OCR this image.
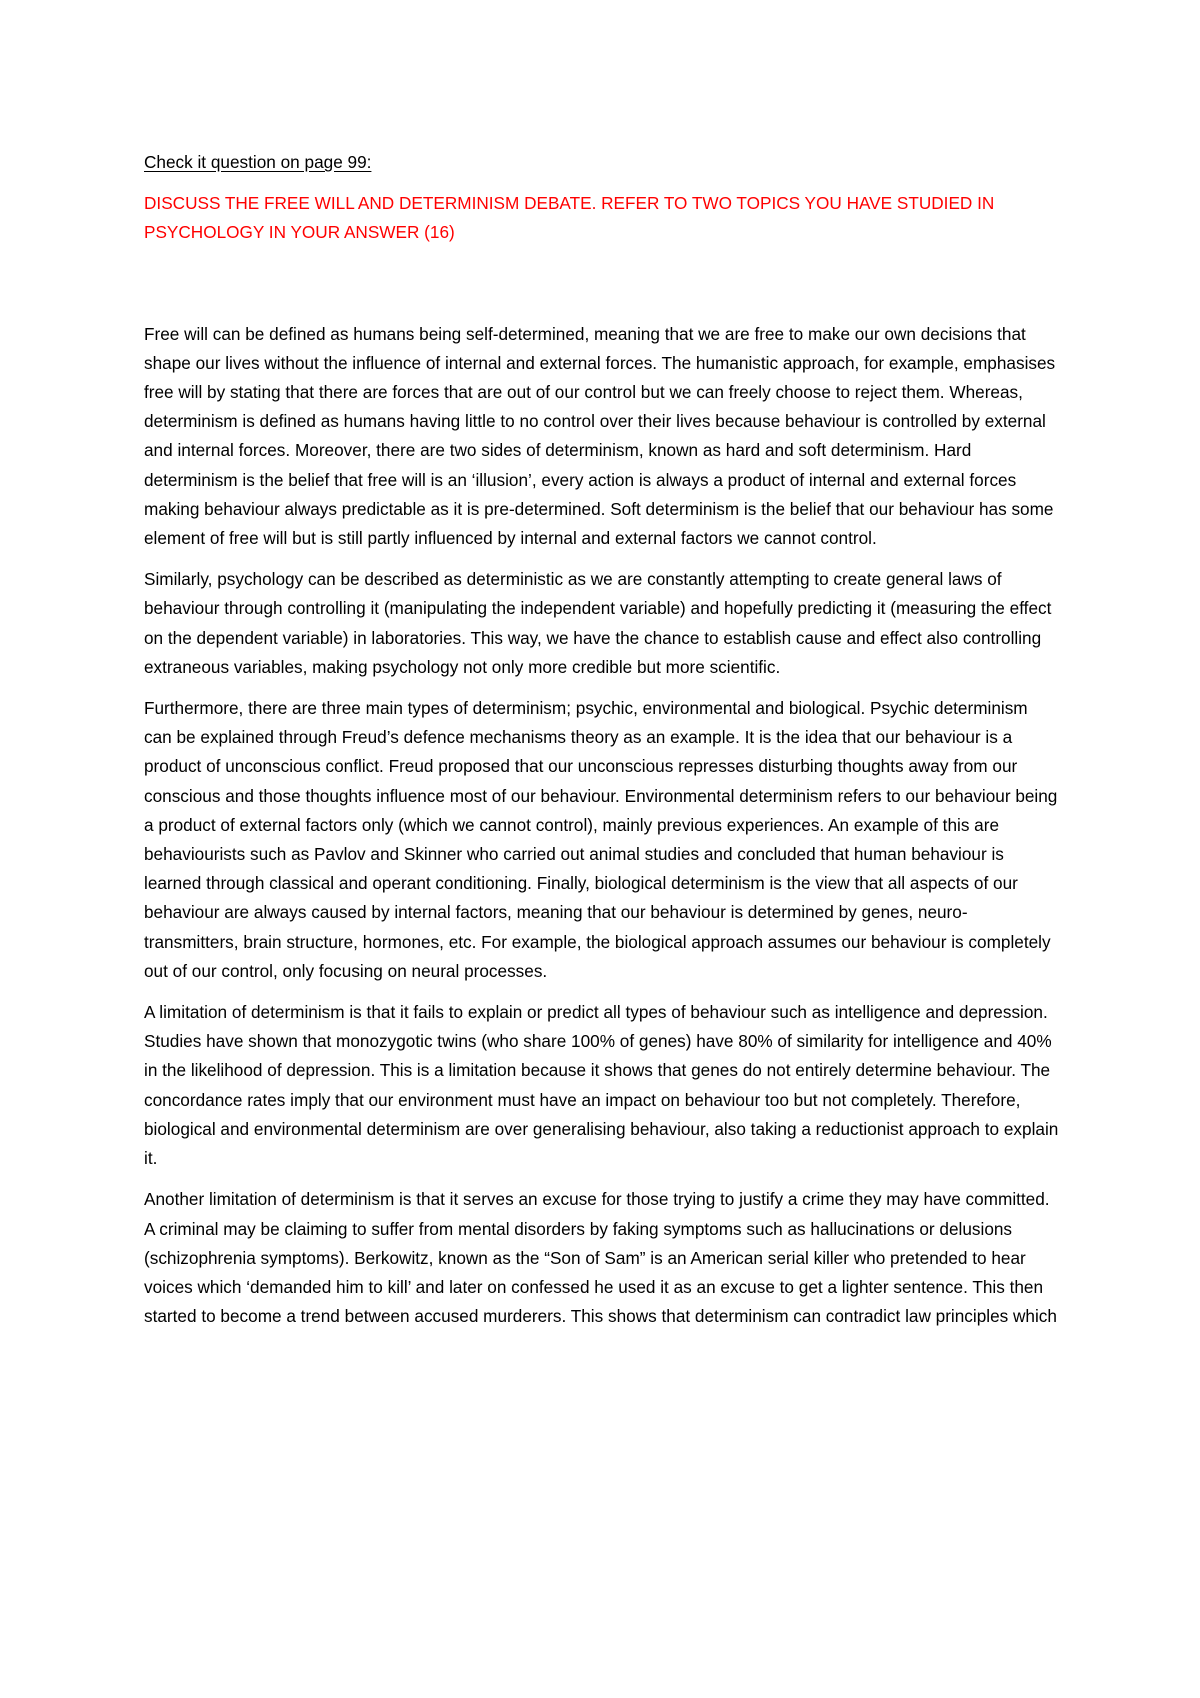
Check it question on page 99:

DISCUSS THE FREE WILL AND DETERMINISM DEBATE. REFER TO TWO TOPICS YOU HAVE STUDIED IN PSYCHOLOGY IN YOUR ANSWER (16)

Free will can be defined as humans being self-determined, meaning that we are free to make our own decisions that shape our lives without the influence of internal and external forces. The humanistic approach, for example, emphasises free will by stating that there are forces that are out of our control but we can freely choose to reject them. Whereas, determinism is defined as humans having little to no control over their lives because behaviour is controlled by external and internal forces. Moreover, there are two sides of determinism, known as hard and soft determinism. Hard determinism is the belief that free will is an ‘illusion’, every action is always a product of internal and external forces making behaviour always predictable as it is pre-determined. Soft determinism is the belief that our behaviour has some element of free will but is still partly influenced by internal and external factors we cannot control.

Similarly, psychology can be described as deterministic as we are constantly attempting to create general laws of behaviour through controlling it (manipulating the independent variable) and hopefully predicting it (measuring the effect on the dependent variable) in laboratories. This way, we have the chance to establish cause and effect also controlling extraneous variables, making psychology not only more credible but more scientific.

Furthermore, there are three main types of determinism; psychic, environmental and biological. Psychic determinism can be explained through Freud’s defence mechanisms theory as an example. It is the idea that our behaviour is a product of unconscious conflict. Freud proposed that our unconscious represses disturbing thoughts away from our conscious and those thoughts influence most of our behaviour. Environmental determinism refers to our behaviour being a product of external factors only (which we cannot control), mainly previous experiences. An example of this are behaviourists such as Pavlov and Skinner who carried out animal studies and concluded that human behaviour is learned through classical and operant conditioning. Finally, biological determinism is the view that all aspects of our behaviour are always caused by internal factors, meaning that our behaviour is determined by genes, neuro-transmitters, brain structure, hormones, etc. For example, the biological approach assumes our behaviour is completely out of our control, only focusing on neural processes.

A limitation of determinism is that it fails to explain or predict all types of behaviour such as intelligence and depression. Studies have shown that monozygotic twins (who share 100% of genes) have 80% of similarity for intelligence and 40% in the likelihood of depression. This is a limitation because it shows that genes do not entirely determine behaviour. The concordance rates imply that our environment must have an impact on behaviour too but not completely. Therefore, biological and environmental determinism are over generalising behaviour, also taking a reductionist approach to explain it.

Another limitation of determinism is that it serves an excuse for those trying to justify a crime they may have committed. A criminal may be claiming to suffer from mental disorders by faking symptoms such as hallucinations or delusions (schizophrenia symptoms). Berkowitz, known as the “Son of Sam” is an American serial killer who pretended to hear voices which ‘demanded him to kill’ and later on confessed he used it as an excuse to get a lighter sentence. This then started to become a trend between accused murderers. This shows that determinism can contradict law principles which
